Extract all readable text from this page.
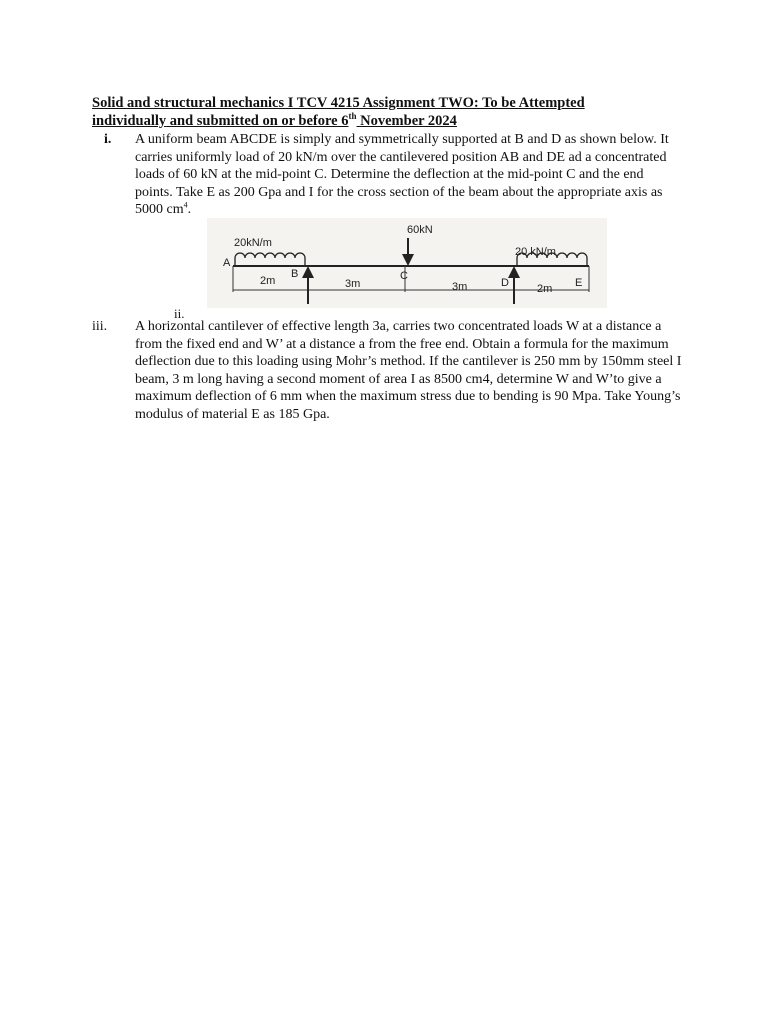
Solid and structural mechanics I TCV 4215 Assignment TWO: To be Attempted
individually and submitted on or before 6th November 2024
i. A uniform beam ABCDE is simply and symmetrically supported at B and D as shown below. It carries uniformly load of 20 kN/m over the cantilevered position AB and DE ad a concentrated loads of 60 kN at the mid-point C. Determine the deflection at the mid-point C and the end points. Take E as 200 Gpa and I for the cross section of the beam about the appropriate axis as 5000 $cm^4$.
20kN/m
20 kN/m
60kN
A
B	C
D	E
2m	3m	3m	2m
ii.
iii. A horizontal cantilever of effective length 3a, carries two concentrated loads W at a distance a from the fixed end and W’ at a distance a from the free end. Obtain a formula for the maximum deflection due to this loading using Mohr’s method. If the cantilever is 250 mm by 150mm steel I beam, 3 m long having a second moment of area I as 8500 cm4, determine W and W’to give a maximum deflection of 6 mm when the maximum stress due to bending is 90 Mpa. Take Young’s modulus of material E as 185 Gpa.
